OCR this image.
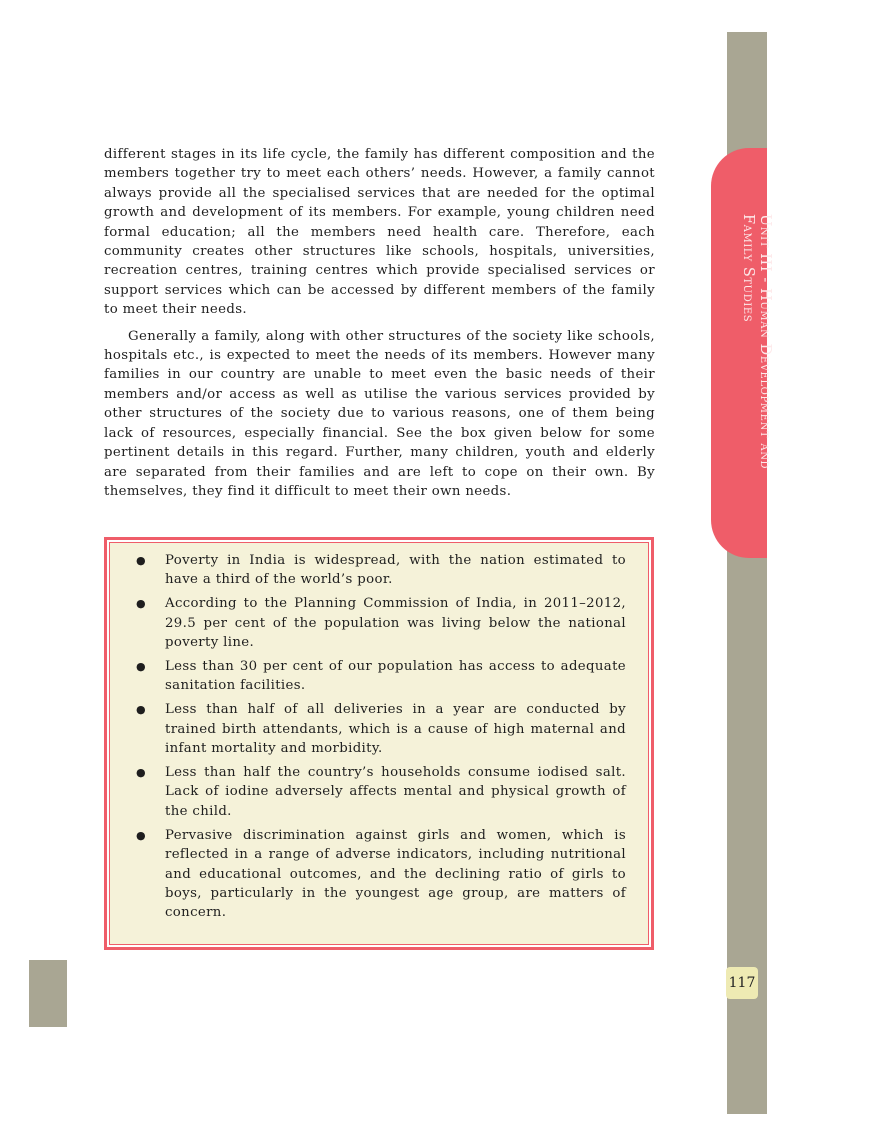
Unit III - Human Development and
Family Studies
117

different stages in its life cycle, the family has different composition and the members together try to meet each others’ needs. However, a family cannot always provide all the specialised services that are needed for the optimal growth and development of its members. For example, young children need formal education; all the members need health care. Therefore, each community creates other structures like schools, hospitals, universities, recreation centres, training centres which provide specialised services or support services which can be accessed by different members of the family to meet their needs.

Generally a family, along with other structures of the society like schools, hospitals etc., is expected to meet the needs of its members. However many families in our country are unable to meet even the basic needs of their members and/or access as well as utilise the various services provided by other structures of the society due to various reasons, one of them being lack of resources, especially financial. See the box given below for some pertinent details in this regard. Further, many children, youth and elderly are separated from their families and are left to cope on their own. By themselves, they find it difficult to meet their own needs.

● Poverty in India is widespread, with the nation estimated to have a third of the world’s poor.
● According to the Planning Commission of India, in 2011–2012, 29.5 per cent of the population was living below the national poverty line.
● Less than 30 per cent of our population has access to adequate sanitation facilities.
● Less than half of all deliveries in a year are conducted by trained birth attendants, which is a cause of high maternal and infant mortality and morbidity.
● Less than half the country’s households consume iodised salt. Lack of iodine adversely affects mental and physical growth of the child.
● Pervasive discrimination against girls and women, which is reflected in a range of adverse indicators, including nutritional and educational outcomes, and the declining ratio of girls to boys, particularly in the youngest age group, are matters of concern.
